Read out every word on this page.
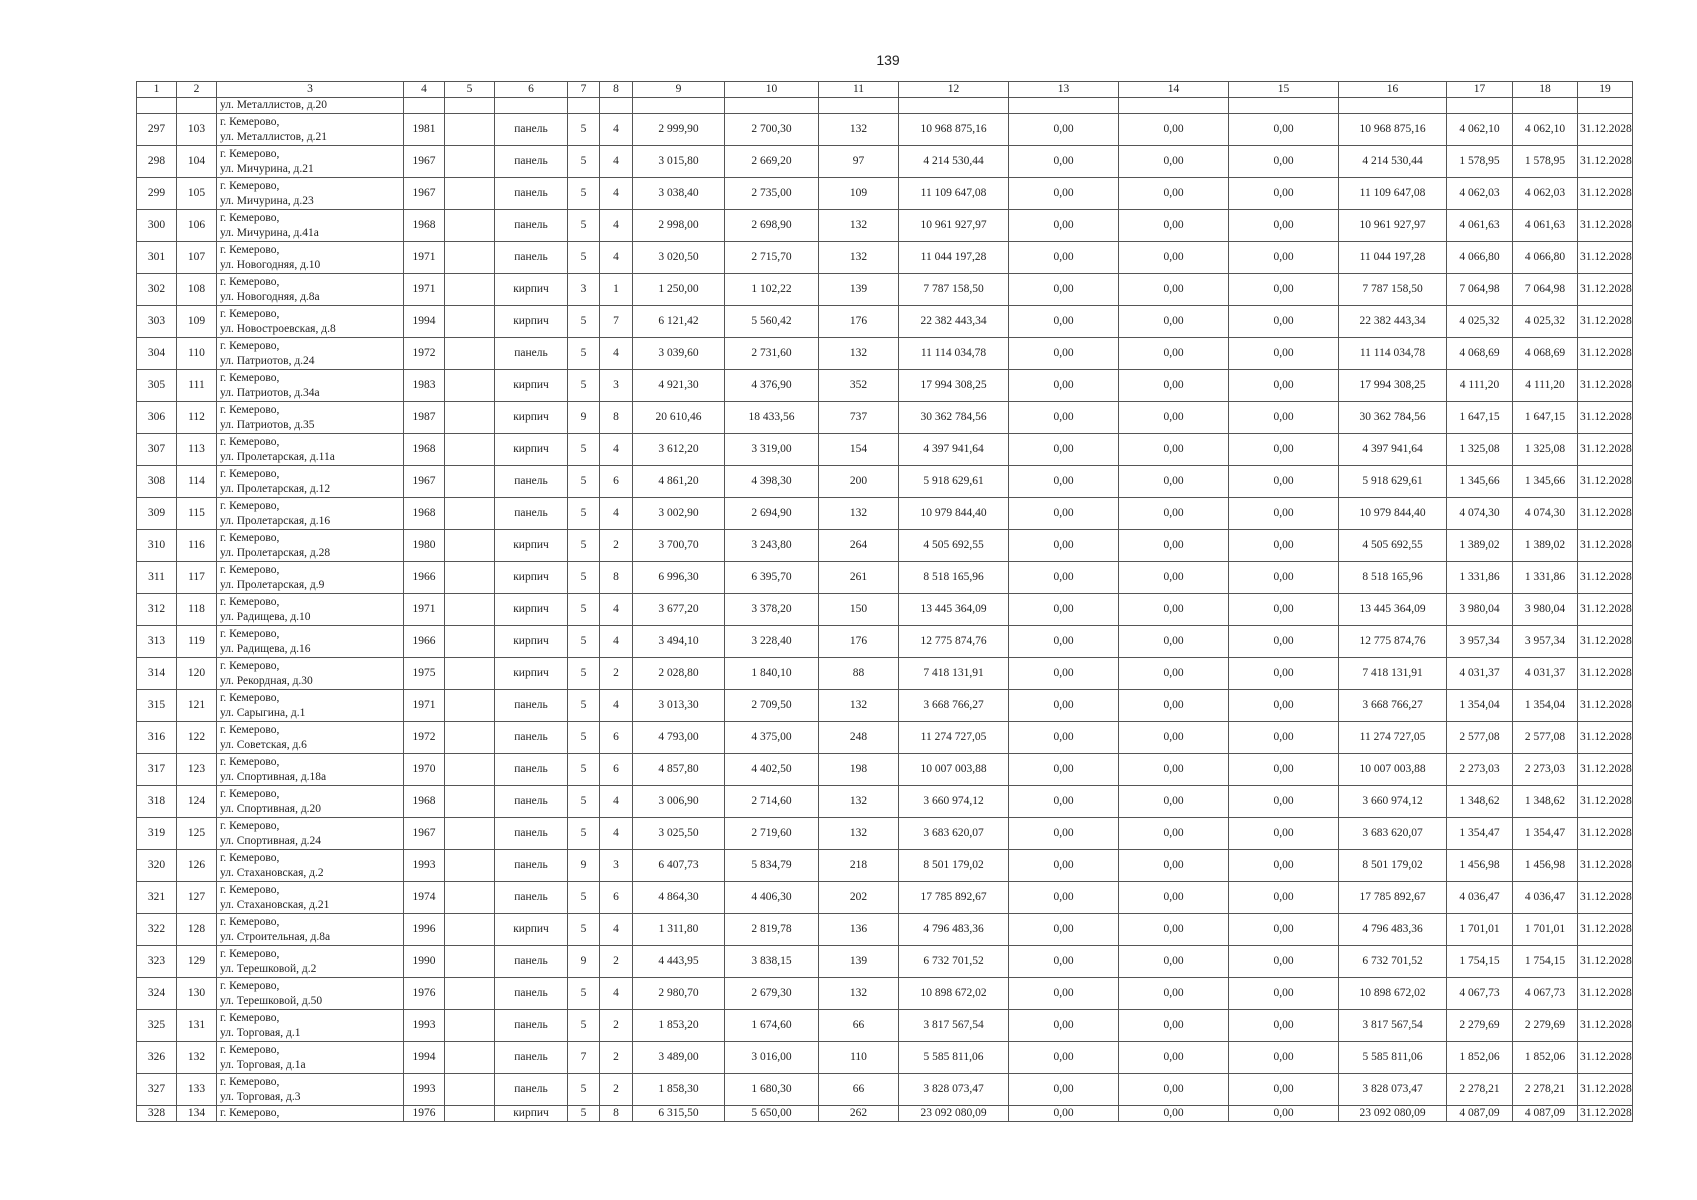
139
1	2	3	4	5	6	7	8	9	10	11	12	13	14	15	16	17	18	19
		ул. Металлистов, д.20																
297	103	г. Кемерово,
ул. Металлистов, д.21	1981		панель	5	4	2 999,90	2 700,30	132	10 968 875,16	0,00	0,00	0,00	10 968 875,16	4 062,10	4 062,10	31.12.2028
298	104	г. Кемерово,
ул. Мичурина, д.21	1967		панель	5	4	3 015,80	2 669,20	97	4 214 530,44	0,00	0,00	0,00	4 214 530,44	1 578,95	1 578,95	31.12.2028
299	105	г. Кемерово,
ул. Мичурина, д.23	1967		панель	5	4	3 038,40	2 735,00	109	11 109 647,08	0,00	0,00	0,00	11 109 647,08	4 062,03	4 062,03	31.12.2028
300	106	г. Кемерово,
ул. Мичурина, д.41а	1968		панель	5	4	2 998,00	2 698,90	132	10 961 927,97	0,00	0,00	0,00	10 961 927,97	4 061,63	4 061,63	31.12.2028
301	107	г. Кемерово,
ул. Новогодняя, д.10	1971		панель	5	4	3 020,50	2 715,70	132	11 044 197,28	0,00	0,00	0,00	11 044 197,28	4 066,80	4 066,80	31.12.2028
302	108	г. Кемерово,
ул. Новогодняя, д.8а	1971		кирпич	3	1	1 250,00	1 102,22	139	7 787 158,50	0,00	0,00	0,00	7 787 158,50	7 064,98	7 064,98	31.12.2028
303	109	г. Кемерово,
ул. Новостроевская, д.8	1994		кирпич	5	7	6 121,42	5 560,42	176	22 382 443,34	0,00	0,00	0,00	22 382 443,34	4 025,32	4 025,32	31.12.2028
304	110	г. Кемерово,
ул. Патриотов, д.24	1972		панель	5	4	3 039,60	2 731,60	132	11 114 034,78	0,00	0,00	0,00	11 114 034,78	4 068,69	4 068,69	31.12.2028
305	111	г. Кемерово,
ул. Патриотов, д.34а	1983		кирпич	5	3	4 921,30	4 376,90	352	17 994 308,25	0,00	0,00	0,00	17 994 308,25	4 111,20	4 111,20	31.12.2028
306	112	г. Кемерово,
ул. Патриотов, д.35	1987		кирпич	9	8	20 610,46	18 433,56	737	30 362 784,56	0,00	0,00	0,00	30 362 784,56	1 647,15	1 647,15	31.12.2028
307	113	г. Кемерово,
ул. Пролетарская, д.11а	1968		кирпич	5	4	3 612,20	3 319,00	154	4 397 941,64	0,00	0,00	0,00	4 397 941,64	1 325,08	1 325,08	31.12.2028
308	114	г. Кемерово,
ул. Пролетарская, д.12	1967		панель	5	6	4 861,20	4 398,30	200	5 918 629,61	0,00	0,00	0,00	5 918 629,61	1 345,66	1 345,66	31.12.2028
309	115	г. Кемерово,
ул. Пролетарская, д.16	1968		панель	5	4	3 002,90	2 694,90	132	10 979 844,40	0,00	0,00	0,00	10 979 844,40	4 074,30	4 074,30	31.12.2028
310	116	г. Кемерово,
ул. Пролетарская, д.28	1980		кирпич	5	2	3 700,70	3 243,80	264	4 505 692,55	0,00	0,00	0,00	4 505 692,55	1 389,02	1 389,02	31.12.2028
311	117	г. Кемерово,
ул. Пролетарская, д.9	1966		кирпич	5	8	6 996,30	6 395,70	261	8 518 165,96	0,00	0,00	0,00	8 518 165,96	1 331,86	1 331,86	31.12.2028
312	118	г. Кемерово,
ул. Радищева, д.10	1971		кирпич	5	4	3 677,20	3 378,20	150	13 445 364,09	0,00	0,00	0,00	13 445 364,09	3 980,04	3 980,04	31.12.2028
313	119	г. Кемерово,
ул. Радищева, д.16	1966		кирпич	5	4	3 494,10	3 228,40	176	12 775 874,76	0,00	0,00	0,00	12 775 874,76	3 957,34	3 957,34	31.12.2028
314	120	г. Кемерово,
ул. Рекордная, д.30	1975		кирпич	5	2	2 028,80	1 840,10	88	7 418 131,91	0,00	0,00	0,00	7 418 131,91	4 031,37	4 031,37	31.12.2028
315	121	г. Кемерово,
ул. Сарыгина, д.1	1971		панель	5	4	3 013,30	2 709,50	132	3 668 766,27	0,00	0,00	0,00	3 668 766,27	1 354,04	1 354,04	31.12.2028
316	122	г. Кемерово,
ул. Советская, д.6	1972		панель	5	6	4 793,00	4 375,00	248	11 274 727,05	0,00	0,00	0,00	11 274 727,05	2 577,08	2 577,08	31.12.2028
317	123	г. Кемерово,
ул. Спортивная, д.18а	1970		панель	5	6	4 857,80	4 402,50	198	10 007 003,88	0,00	0,00	0,00	10 007 003,88	2 273,03	2 273,03	31.12.2028
318	124	г. Кемерово,
ул. Спортивная, д.20	1968		панель	5	4	3 006,90	2 714,60	132	3 660 974,12	0,00	0,00	0,00	3 660 974,12	1 348,62	1 348,62	31.12.2028
319	125	г. Кемерово,
ул. Спортивная, д.24	1967		панель	5	4	3 025,50	2 719,60	132	3 683 620,07	0,00	0,00	0,00	3 683 620,07	1 354,47	1 354,47	31.12.2028
320	126	г. Кемерово,
ул. Стахановская, д.2	1993		панель	9	3	6 407,73	5 834,79	218	8 501 179,02	0,00	0,00	0,00	8 501 179,02	1 456,98	1 456,98	31.12.2028
321	127	г. Кемерово,
ул. Стахановская, д.21	1974		панель	5	6	4 864,30	4 406,30	202	17 785 892,67	0,00	0,00	0,00	17 785 892,67	4 036,47	4 036,47	31.12.2028
322	128	г. Кемерово,
ул. Строительная, д.8а	1996		кирпич	5	4	1 311,80	2 819,78	136	4 796 483,36	0,00	0,00	0,00	4 796 483,36	1 701,01	1 701,01	31.12.2028
323	129	г. Кемерово,
ул. Терешковой, д.2	1990		панель	9	2	4 443,95	3 838,15	139	6 732 701,52	0,00	0,00	0,00	6 732 701,52	1 754,15	1 754,15	31.12.2028
324	130	г. Кемерово,
ул. Терешковой, д.50	1976		панель	5	4	2 980,70	2 679,30	132	10 898 672,02	0,00	0,00	0,00	10 898 672,02	4 067,73	4 067,73	31.12.2028
325	131	г. Кемерово,
ул. Торговая, д.1	1993		панель	5	2	1 853,20	1 674,60	66	3 817 567,54	0,00	0,00	0,00	3 817 567,54	2 279,69	2 279,69	31.12.2028
326	132	г. Кемерово,
ул. Торговая, д.1а	1994		панель	7	2	3 489,00	3 016,00	110	5 585 811,06	0,00	0,00	0,00	5 585 811,06	1 852,06	1 852,06	31.12.2028
327	133	г. Кемерово,
ул. Торговая, д.3	1993		панель	5	2	1 858,30	1 680,30	66	3 828 073,47	0,00	0,00	0,00	3 828 073,47	2 278,21	2 278,21	31.12.2028
328	134	г. Кемерово,	1976		кирпич	5	8	6 315,50	5 650,00	262	23 092 080,09	0,00	0,00	0,00	23 092 080,09	4 087,09	4 087,09	31.12.2028
